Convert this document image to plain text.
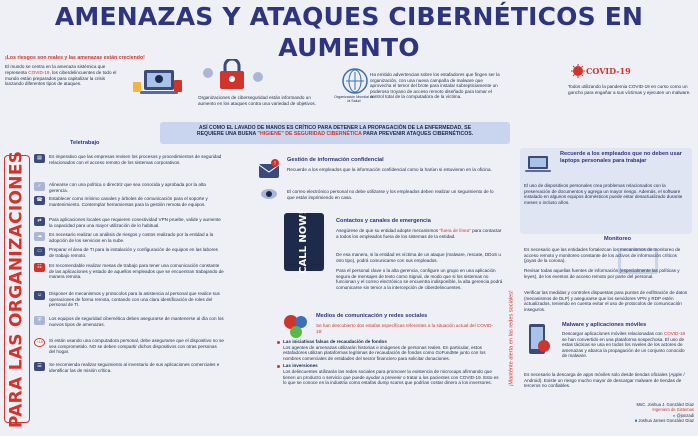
AMENAZAS Y ATAQUES CIBERNÉTICOS EN AUMENTO
¡Los riesgos son reales y las amenazas están creciendo!
El mundo se centra en la amenaza sistémica que representa COVID-19, los ciberdelincuentes de todo el mundo están preparados para capitalizar la crisis lanzando diferentes tipos de ataques.
Organizaciones de ciberseguridad están informando un aumento en los ataques contra una variedad de objetivos.
Organización Mundial de la Salud
Ha emitido advertencias sobre los estafadores que fingen ser la organización, con una nueva campaña de malware que aprovecha el temor del brote para instalar subrepticiamente un poderoso troyano de acceso remoto diseñado para tomar el control total de la computadora de la víctima.
COVID-19
Todos utilizando la pandemia COVID-19 en curso como un gancho para engañar a sus víctimas y ejecuten un malware.
ASÍ COMO EL LAVADO DE MANOS ES CRÍTICO PARA DETENER LA PROPAGACIÓN DE LA ENFERMEDAD, SE
REQUIERE UNA BUENA "HIGIENE" DE SEGURIDAD CIBERNÉTICA PARA PREVENIR ATAQUES CIBERNÉTICOS.
PARA LAS ORGANIZACIONES
Teletrabajo
▤	Es imperativo que las empresas revisen los procesos y procedimientos de seguridad relacionados con el acceso remoto de los sistemas corporativos.
✓	Alinearse con una política o directriz que sea conocida y aprobada por la alta gerencia.
☎	Establecer como mínimo canales y árboles de comunicación para el soporte y mantenimiento. Contemplar herramientas para la gestión remota de equipos.
⇄	Para aplicaciones locales que requieren conectividad VPN pruebe, valide y aumente la capacidad para una mayor utilización de lo habitual.
☁	Es necesario realizar un análisis de riesgos y costos realizado por la entidad a la adopción de los servicios en la nube.
▭	Preparar el área de TI para la instalación y configuración de equipos en las labores de trabajo remoto.
☷	Es recomendable realizar mesas de trabajo para tener una comunicación constante de las aplicaciones y estado de aquellos empleados que se encuentran trabajando de manera remota.
☺	Disponer de mecanismos y protocolos para la asistencia al personal que realice sus operaciones de forma remota, contando con una clara identificación de roles del personal de TI.
⛨	Los equipos de seguridad cibernética deben asegurarse de mantenerse al día con los nuevos tipos de amenazas.
+18	Si están usando una computadora personal, debe asegurarse que el dispositivo no se vea comprometido. NO se deben compartir dichos dispositivos con otras personas del hogar.
☰	Se recomienda realizar seguimiento al inventario de sus aplicaciones comerciales e identificar las de misión crítica.
!
Gestión de información confidencial
Recuerde a los empleados que la información confidencial como la harían si estuvieran en la oficina.
El correo electrónico personal no debe utilizarse y los empleados deben realizar un seguimiento de lo que están imprimiendo en casa.
CALL NOW!	Contactos y canales de emergencia
Asegúrese de que su entidad adopte mecanismos "fuera de línea" para contactar a todos los empleados fuera de los sistemas de la entidad.
De esa manera, si la entidad es víctima de un ataque (malware, rescate, DDoS u otro tipo), podrá comunicarse con sus empleados.
Para el personal clave o la alta gerencia, configure un grupo en una aplicación segura de mensajes de texto como Signal, de modo que si los sistemas no funcionan y el correo electrónico se encuentra indisponible, la alta gerencia podrá comunicarse sin temor a la intercepción de ciberdelincuentes.
Medios de comunicación y redes sociales
Se han descubierto dos estafas específicas referentes a la situación actual del COVID-19:
Las iniciativas falsas de recaudación de fondos
Los agentes de amenazas utilizarán historias e imágenes de personas reales. En particular, estos estafadores utilizan plataformas legítimas de recaudación de fondos como GoFundMe junto con los nombres comerciales de entidades del sector financiero para solicitar donaciones.
Las inversiones
Los delincuentes utilizarán las redes sociales para promover la existencia de microcaps afirmando que tienen un producto o servicio que puede ayudar a prevenir o tratar a los pacientes con COVID-19. Esto es lo que se conoce en la industria como estafas dump scams que podrían costar dinero a los inversores.	¡Manténte alerta en las redes sociales!
Recuerde a los empleados que no deben usar laptops personales para trabajar
El uso de dispositivos personales crea problemas relacionados con la preservación de documentos y agrega un mayor riesgo. Además, el software instalado en algunos equipos domésticos puede estar desactualizado durante meses o incluso años.
Monitoreo
Es necesario que las entidades fortalezcan los mecanismos de monitoreo de acceso remoto y monitoreo constante de los activos de información críticos (joyas de la corona).
Revisar todas aquellas fuentes de información (especialmente las políticas y leyes), de los eventos de acceso remoto por parte del personal.
Verificar las medidas y controles dispuestas para puntos de exfiltración de datos (mecanismos de DLP) y asegurarse que los servidores VPN y RDP estén actualizados, teniendo en cuenta evitar el uso de protocolos de comunicación inseguros.
Malware y aplicaciones móviles
Descargar aplicaciones móviles relacionadas con COVID-19 se han convertido en una plataforma sospechosa. El uso de estas tácticas se usa en todos los niveles de los actores de amenazas y abarca la propagación de un conjunto conocido de malware.
Es necesario la descarga de apps móviles solo desde tiendas oficiales (Apple / Android). Existe un riesgo mucho mayor de descargar malware de tiendas de terceros no confiables.
MsC. Joshua J. González Díaz
Ingeniero de Sistemas
● @jonzadi
■ Joshua James González Díaz
